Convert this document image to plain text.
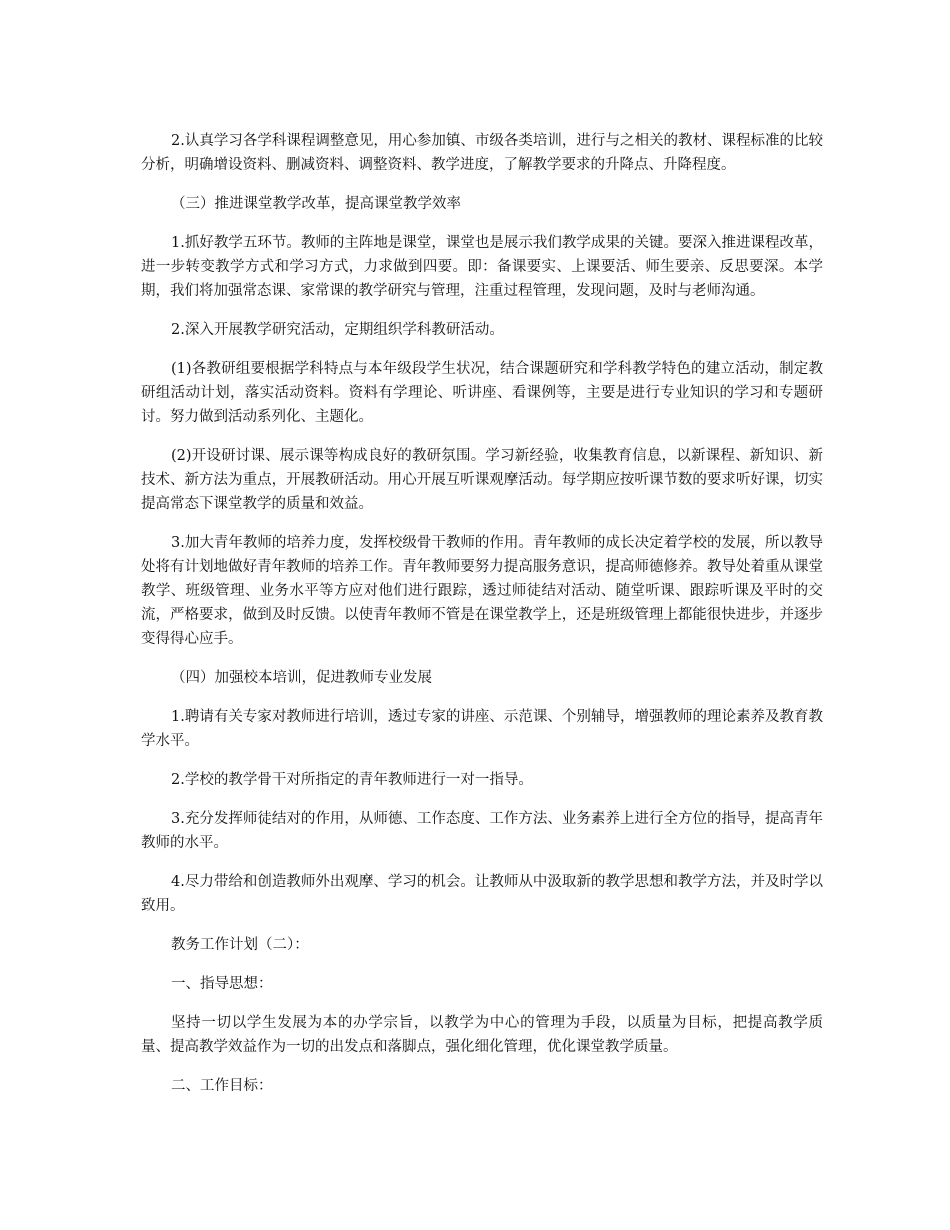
2.认真学习各学科课程调整意见，用心参加镇、市级各类培训，进行与之相关的教材、课程标准的比较分析，明确增设资料、删减资料、调整资料、教学进度，了解教学要求的升降点、升降程度。

（三）推进课堂教学改革，提高课堂教学效率

1.抓好教学五环节。教师的主阵地是课堂，课堂也是展示我们教学成果的关键。要深入推进课程改革，进一步转变教学方式和学习方式，力求做到四要。即：备课要实、上课要活、师生要亲、反思要深。本学期，我们将加强常态课、家常课的教学研究与管理，注重过程管理，发现问题，及时与老师沟通。

2.深入开展教学研究活动，定期组织学科教研活动。

(1)各教研组要根据学科特点与本年级段学生状况，结合课题研究和学科教学特色的建立活动，制定教研组活动计划，落实活动资料。资料有学理论、听讲座、看课例等，主要是进行专业知识的学习和专题研讨。努力做到活动系列化、主题化。

(2)开设研讨课、展示课等构成良好的教研氛围。学习新经验，收集教育信息，以新课程、新知识、新技术、新方法为重点，开展教研活动。用心开展互听课观摩活动。每学期应按听课节数的要求听好课，切实提高常态下课堂教学的质量和效益。

3.加大青年教师的培养力度，发挥校级骨干教师的作用。青年教师的成长决定着学校的发展，所以教导处将有计划地做好青年教师的培养工作。青年教师要努力提高服务意识，提高师德修养。教导处着重从课堂教学、班级管理、业务水平等方应对他们进行跟踪，透过师徒结对活动、随堂听课、跟踪听课及平时的交流，严格要求，做到及时反馈。以使青年教师不管是在课堂教学上，还是班级管理上都能很快进步，并逐步变得得心应手。

（四）加强校本培训，促进教师专业发展

1.聘请有关专家对教师进行培训，透过专家的讲座、示范课、个别辅导，增强教师的理论素养及教育教学水平。

2.学校的教学骨干对所指定的青年教师进行一对一指导。

3.充分发挥师徒结对的作用，从师德、工作态度、工作方法、业务素养上进行全方位的指导，提高青年教师的水平。

4.尽力带给和创造教师外出观摩、学习的机会。让教师从中汲取新的教学思想和教学方法，并及时学以致用。

教务工作计划（二）：

一、指导思想：

坚持一切以学生发展为本的办学宗旨，以教学为中心的管理为手段，以质量为目标，把提高教学质量、提高教学效益作为一切的出发点和落脚点，强化细化管理，优化课堂教学质量。

二、工作目标：
